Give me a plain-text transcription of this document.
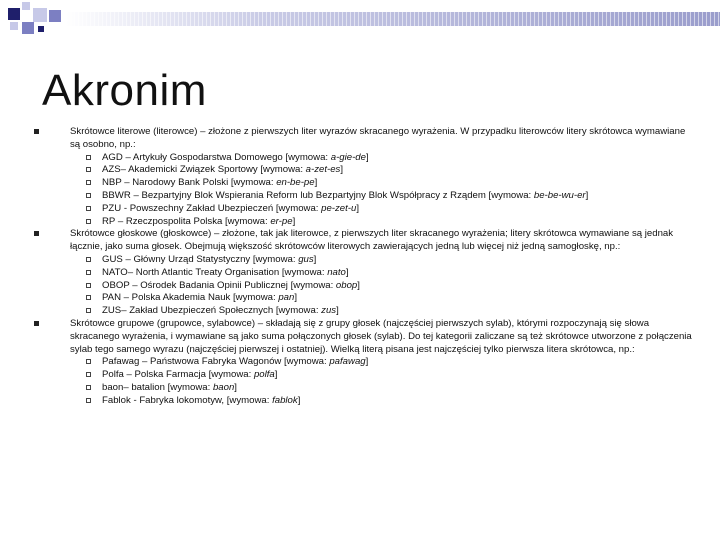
Akronim

Skrótowce literowe (literowce) – złożone z pierwszych liter wyrazów skracanego wyrażenia. W przypadku literowców litery skrótowca wymawiane są osobno, np.:

AGD – Artykuły Gospodarstwa Domowego [wymowa: a-gie-de]

AZS– Akademicki Związek Sportowy [wymowa: a-zet-es]

NBP – Narodowy Bank Polski [wymowa: en-be-pe]

BBWR – Bezpartyjny Blok Wspierania Reform lub Bezpartyjny Blok Współpracy z Rządem [wymowa: be-be-wu-er]

PZU - Powszechny Zakład Ubezpieczeń [wymowa: pe-zet-u]

RP – Rzeczpospolita Polska [wymowa: er-pe]

Skrótowce głoskowe (głoskowce) – złożone, tak jak literowce, z pierwszych liter skracanego wyrażenia; litery skrótowca wymawiane są jednak łącznie, jako suma głosek. Obejmują większość skrótowców literowych zawierających jedną lub więcej niż jedną samogłoskę, np.:

GUS – Główny Urząd Statystyczny [wymowa: gus]

NATO– North Atlantic Treaty Organisation [wymowa: nato]

OBOP – Ośrodek Badania Opinii Publicznej [wymowa: obop]

PAN – Polska Akademia Nauk [wymowa: pan]

ZUS– Zakład Ubezpieczeń Społecznych [wymowa: zus]

Skrótowce grupowe (grupowce, sylabowce) – składają się z grupy głosek (najczęściej pierwszych sylab), którymi rozpoczynają się słowa skracanego wyrażenia, i wymawiane są jako suma połączonych głosek (sylab). Do tej kategorii zaliczane są też skrótowce utworzone z połączenia sylab tego samego wyrazu (najczęściej pierwszej i ostatniej). Wielką literą pisana jest najczęściej tylko pierwsza litera skrótowca, np.:

Pafawag – Państwowa Fabryka Wagonów [wymowa: pafawag]

Polfa – Polska Farmacja [wymowa: polfa]

baon– batalion [wymowa: baon]

Fablok - Fabryka lokomotyw, [wymowa: fablok]
